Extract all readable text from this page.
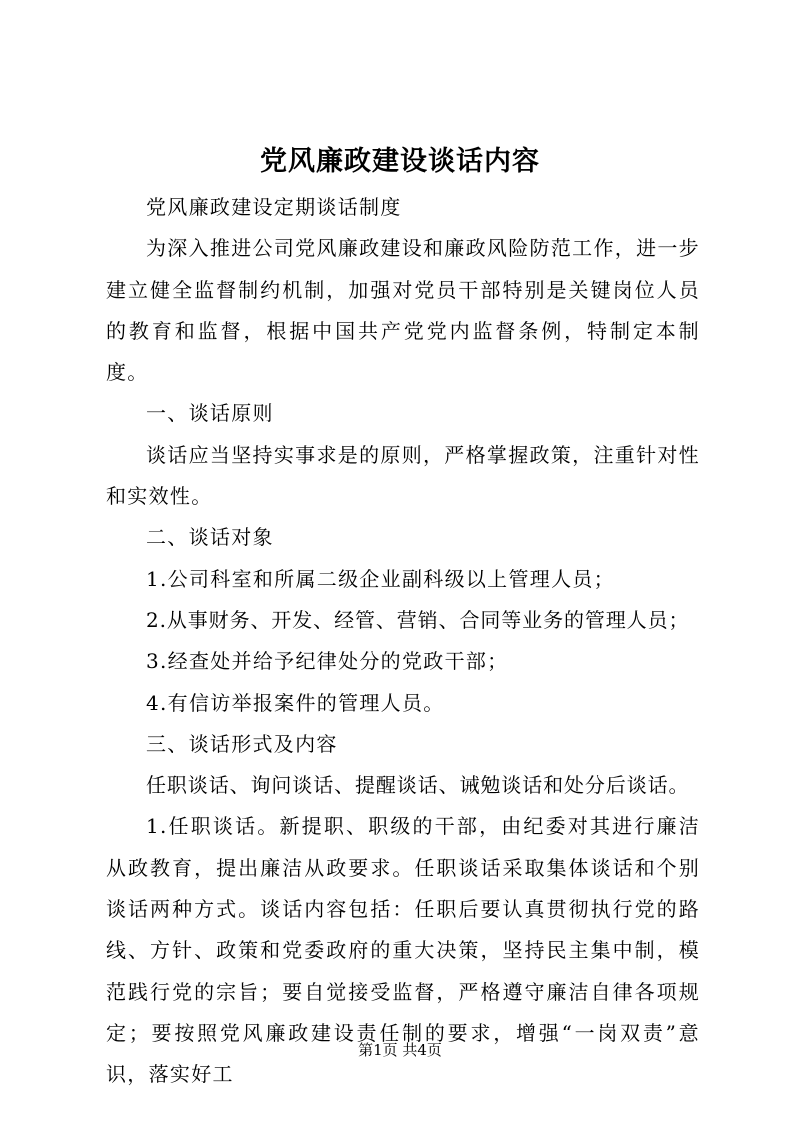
党风廉政建设谈话内容

党风廉政建设定期谈话制度

为深入推进公司党风廉政建设和廉政风险防范工作，进一步建立健全监督制约机制，加强对党员干部特别是关键岗位人员的教育和监督，根据中国共产党党内监督条例，特制定本制度。

一、谈话原则

谈话应当坚持实事求是的原则，严格掌握政策，注重针对性和实效性。

二、谈话对象

1.公司科室和所属二级企业副科级以上管理人员；

2.从事财务、开发、经管、营销、合同等业务的管理人员；

3.经查处并给予纪律处分的党政干部；

4.有信访举报案件的管理人员。

三、谈话形式及内容

任职谈话、询问谈话、提醒谈话、诫勉谈话和处分后谈话。

1.任职谈话。新提职、职级的干部，由纪委对其进行廉洁从政教育，提出廉洁从政要求。任职谈话采取集体谈话和个别谈话两种方式。谈话内容包括：任职后要认真贯彻执行党的路线、方针、政策和党委政府的重大决策，坚持民主集中制，模范践行党的宗旨；要自觉接受监督，严格遵守廉洁自律各项规定；要按照党风廉政建设责任制的要求，增强“一岗双责”意识，落实好工

第1页 共4页
